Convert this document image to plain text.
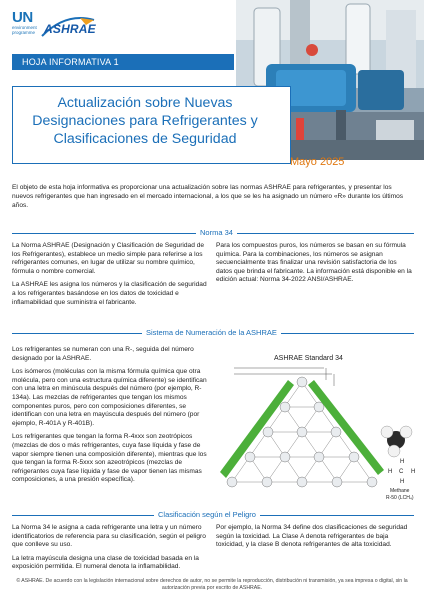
UN
environment programme ASHRAE
HOJA INFORMATIVA 1
Actualización sobre Nuevas Designaciones para Refrigerantes y Clasificaciones de Seguridad
Mayo 2025
El objeto de esta hoja informativa es proporcionar una actualización sobre las normas ASHRAE para refrigerantes, y presentar los nuevos refrigerantes que han ingresado en el mercado internacional, a los que se les ha asignado un número «R» durante los últimos años.
Norma 34

La Norma ASHRAE (Designación y Clasificación de Seguridad de los Refrigerantes), establece un medio simple para referirse a los refrigerantes comunes, en lugar de utilizar su nombre químico, fórmula o nombre comercial.

La ASHRAE les asigna los números y la clasificación de seguridad a los refrigerantes basándose en los datos de toxicidad e inflamabilidad que suministra el fabricante.

Para los compuestos puros, los números se basan en su fórmula química. Para la combinaciones, los números se asignan secuencialmente tras finalizar una revisión satisfactoria de los datos que brinda el fabricante. La información está disponible en la edición actual: Norma 34-2022 ANSI/ASHRAE.

Sistema de Numeración de la ASHRAE

Los refrigerantes se numeran con una R-, seguida del número designado por la ASHRAE.

Los isómeros (moléculas con la misma fórmula química que otra molécula, pero con una estructura química diferente) se identifican con una letra en minúscula después del número (por ejemplo, R-134a). Las mezclas de refrigerantes que tengan los mismos componentes puros, pero con composiciones diferentes, se identifican con una letra en mayúscula después del número (por ejemplo, R-401A y R-401B).

Los refrigerantes que tengan la forma R-4xxx son zeotrópicos (mezclas de dos o más refrigerantes, cuya fase líquida y fase de vapor siempre tienen una composición diferente), mientras que los que tengan la forma R-5xxx son azeotrópicos (mezclas de refrigerantes cuya fase líquida y fase de vapor tienen las mismas composiciones, a una presión específica).

ASHRAE Standard 34
H
H C H
H
Methane
R-50 (LCH₄)
Clasificación según el Peligro

La Norma 34 le asigna a cada refrigerante una letra y un número identificatorios de referencia para su clasificación, según el peligro que conlleve su uso.

La letra mayúscula designa una clase de toxicidad basada en la exposición permitida. El numeral denota la inflamabilidad.

Por ejemplo, la Norma 34 define dos clasificaciones de seguridad según la toxicidad. La Clase A denota refrigerantes de baja toxicidad, y la clase B denota refrigerantes de alta toxicidad.

© ASHRAE. De acuerdo con la legislación internacional sobre derechos de autor, no se permite la reproducción, distribución ni transmisión, ya sea impresa o digital, sin la autorización previa por escrito de ASHRAE.
